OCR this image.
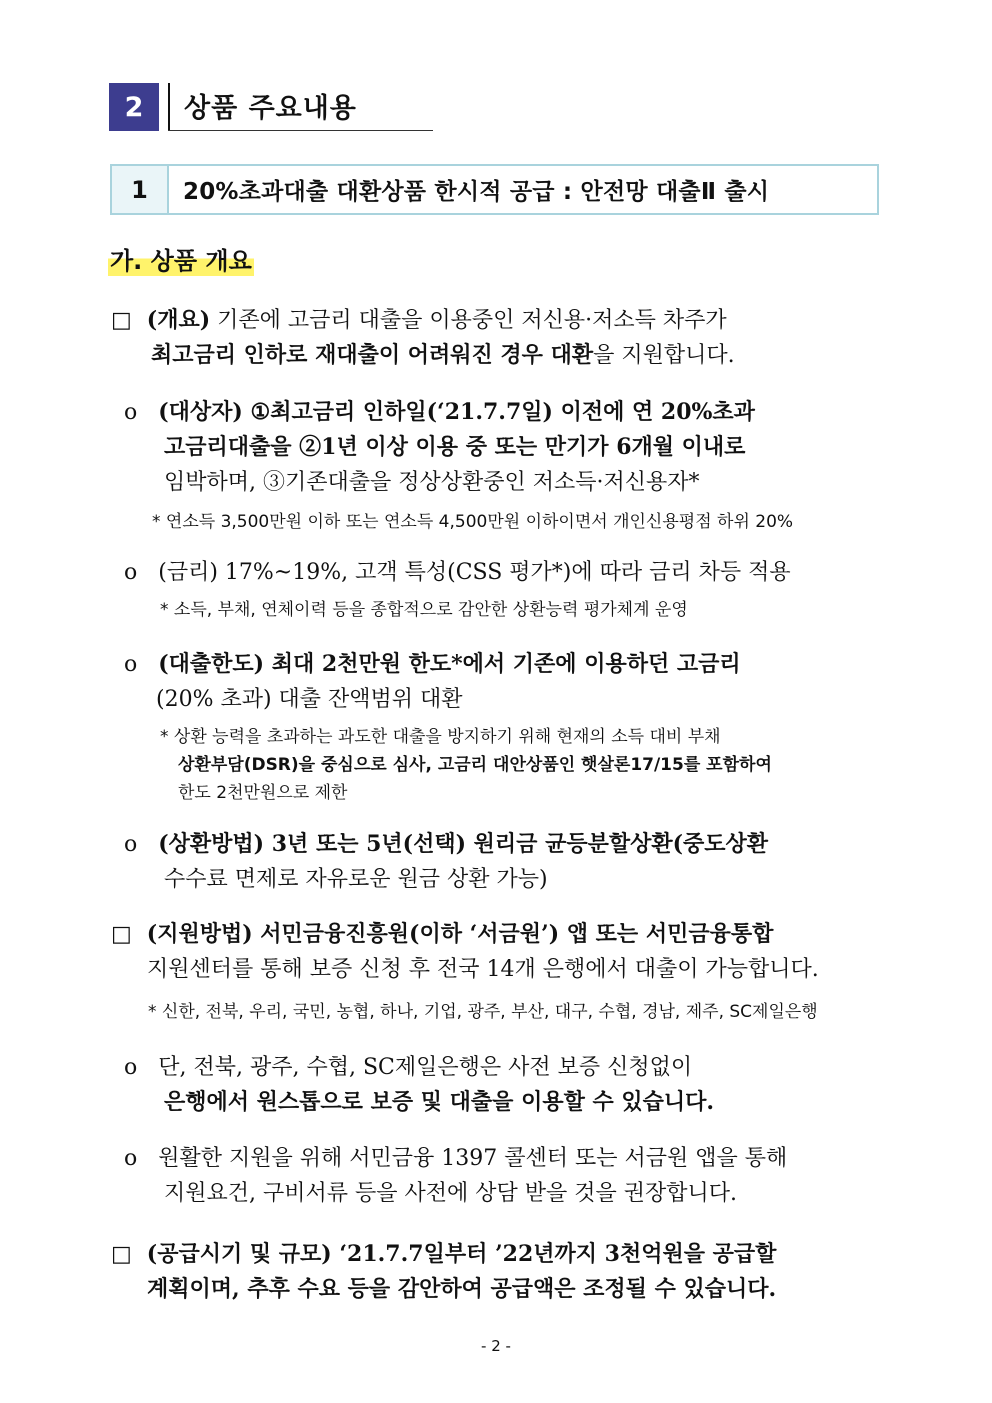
2	상품 주요내용
1	20%초과대출 대환상품 한시적 공급 : 안전망 대출Ⅱ 출시
가. 상품 개요
□ (개요) 기존에 고금리 대출을 이용중인 저신용·저소득 차주가
최고금리 인하로 재대출이 어려워진 경우 대환을 지원합니다.
ο (대상자) ①최고금리 인하일(‘21.7.7일) 이전에 연 20%초과
고금리대출을 ②1년 이상 이용 중 또는 만기가 6개월 이내로
임박하며, ③기존대출을 정상상환중인 저소득·저신용자*
* 연소득 3,500만원 이하 또는 연소득 4,500만원 이하이면서 개인신용평점 하위 20%
ο (금리) 17%~19%, 고객 특성(CSS 평가*)에 따라 금리 차등 적용
* 소득, 부채, 연체이력 등을 종합적으로 감안한 상환능력 평가체계 운영
ο (대출한도) 최대 2천만원 한도*에서 기존에 이용하던 고금리
(20% 초과) 대출 잔액범위 대환
* 상환 능력을 초과하는 과도한 대출을 방지하기 위해 현재의 소득 대비 부채
상환부담(DSR)을 중심으로 심사, 고금리 대안상품인 햇살론17/15를 포함하여
한도 2천만원으로 제한
ο (상환방법) 3년 또는 5년(선택) 원리금 균등분할상환(중도상환
수수료 면제로 자유로운 원금 상환 가능)
□ (지원방법) 서민금융진흥원(이하 ‘서금원’) 앱 또는 서민금융통합
지원센터를 통해 보증 신청 후 전국 14개 은행에서 대출이 가능합니다.
* 신한, 전북, 우리, 국민, 농협, 하나, 기업, 광주, 부산, 대구, 수협, 경남, 제주, SC제일은행
ο 단, 전북, 광주, 수협, SC제일은행은 사전 보증 신청없이
은행에서 원스톱으로 보증 및 대출을 이용할 수 있습니다.
ο 원활한 지원을 위해 서민금융 1397 콜센터 또는 서금원 앱을 통해
지원요건, 구비서류 등을 사전에 상담 받을 것을 권장합니다.
□ (공급시기 및 규모) ‘21.7.7일부터 ’22년까지 3천억원을 공급할
계획이며, 추후 수요 등을 감안하여 공급액은 조정될 수 있습니다.
- 2 -
